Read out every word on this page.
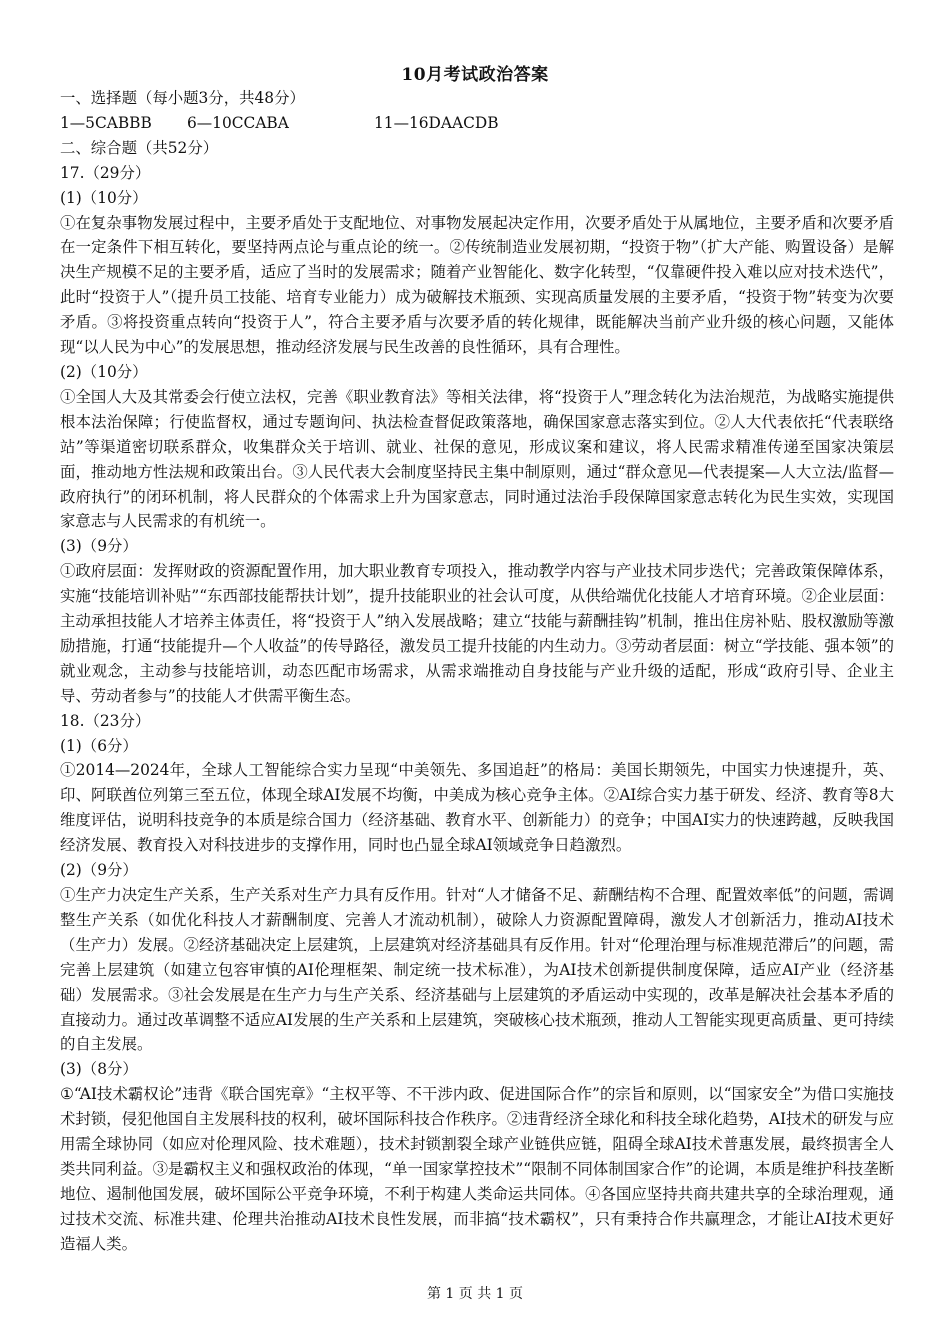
10月考试政治答案
一、选择题（每小题3分，共48分）
1—5CABBB 6—10CCABA	11—16DAACDB
二、综合题（共52分）
17.（29分）
(1)（10分）
①在复杂事物发展过程中，主要矛盾处于支配地位、对事物发展起决定作用，次要矛盾处于从属地位，主要矛盾和次要矛盾在一定条件下相互转化，要坚持两点论与重点论的统一。②传统制造业发展初期，“投资于物”（扩大产能、购置设备）是解决生产规模不足的主要矛盾，适应了当时的发展需求；随着产业智能化、数字化转型，“仅靠硬件投入难以应对技术迭代”，此时“投资于人”（提升员工技能、培育专业能力）成为破解技术瓶颈、实现高质量发展的主要矛盾，“投资于物”转变为次要矛盾。③将投资重点转向“投资于人”，符合主要矛盾与次要矛盾的转化规律，既能解决当前产业升级的核心问题，又能体现“以人民为中心”的发展思想，推动经济发展与民生改善的良性循环，具有合理性。
(2)（10分）
①全国人大及其常委会行使立法权，完善《职业教育法》等相关法律，将“投资于人”理念转化为法治规范，为战略实施提供根本法治保障；行使监督权，通过专题询问、执法检查督促政策落地，确保国家意志落实到位。②人大代表依托“代表联络站”等渠道密切联系群众，收集群众关于培训、就业、社保的意见，形成议案和建议，将人民需求精准传递至国家决策层面，推动地方性法规和政策出台。③人民代表大会制度坚持民主集中制原则，通过“群众意见—代表提案—人大立法/监督—政府执行”的闭环机制，将人民群众的个体需求上升为国家意志，同时通过法治手段保障国家意志转化为民生实效，实现国家意志与人民需求的有机统一。
(3)（9分）
①政府层面：发挥财政的资源配置作用，加大职业教育专项投入，推动教学内容与产业技术同步迭代；完善政策保障体系，实施“技能培训补贴”“东西部技能帮扶计划”，提升技能职业的社会认可度，从供给端优化技能人才培育环境。②企业层面：主动承担技能人才培养主体责任，将“投资于人”纳入发展战略；建立“技能与薪酬挂钩”机制，推出住房补贴、股权激励等激励措施，打通“技能提升—个人收益”的传导路径，激发员工提升技能的内生动力。③劳动者层面：树立“学技能、强本领”的就业观念，主动参与技能培训，动态匹配市场需求，从需求端推动自身技能与产业升级的适配，形成“政府引导、企业主导、劳动者参与”的技能人才供需平衡生态。
18.（23分）
(1)（6分）
①2014—2024年，全球人工智能综合实力呈现“中美领先、多国追赶”的格局：美国长期领先，中国实力快速提升，英、印、阿联酋位列第三至五位，体现全球AI发展不均衡，中美成为核心竞争主体。②AI综合实力基于研发、经济、教育等8大维度评估，说明科技竞争的本质是综合国力（经济基础、教育水平、创新能力）的竞争；中国AI实力的快速跨越，反映我国经济发展、教育投入对科技进步的支撑作用，同时也凸显全球AI领域竞争日趋激烈。
(2)（9分）
①生产力决定生产关系，生产关系对生产力具有反作用。针对“人才储备不足、薪酬结构不合理、配置效率低”的问题，需调整生产关系（如优化科技人才薪酬制度、完善人才流动机制），破除人力资源配置障碍，激发人才创新活力，推动AI技术（生产力）发展。②经济基础决定上层建筑，上层建筑对经济基础具有反作用。针对“伦理治理与标准规范滞后”的问题，需完善上层建筑（如建立包容审慎的AI伦理框架、制定统一技术标准），为AI技术创新提供制度保障，适应AI产业（经济基础）发展需求。③社会发展是在生产力与生产关系、经济基础与上层建筑的矛盾运动中实现的，改革是解决社会基本矛盾的直接动力。通过改革调整不适应AI发展的生产关系和上层建筑，突破核心技术瓶颈，推动人工智能实现更高质量、更可持续的自主发展。
(3)（8分）
①“AI技术霸权论”违背《联合国宪章》“主权平等、不干涉内政、促进国际合作”的宗旨和原则，以“国家安全”为借口实施技术封锁，侵犯他国自主发展科技的权利，破坏国际科技合作秩序。②违背经济全球化和科技全球化趋势，AI技术的研发与应用需全球协同（如应对伦理风险、技术难题），技术封锁割裂全球产业链供应链，阻碍全球AI技术普惠发展，最终损害全人类共同利益。③是霸权主义和强权政治的体现，“单一国家掌控技术”“限制不同体制国家合作”的论调，本质是维护科技垄断地位、遏制他国发展，破坏国际公平竞争环境，不利于构建人类命运共同体。④各国应坚持共商共建共享的全球治理观，通过技术交流、标准共建、伦理共治推动AI技术良性发展，而非搞“技术霸权”，只有秉持合作共赢理念，才能让AI技术更好造福人类。
第 1 页 共 1 页
